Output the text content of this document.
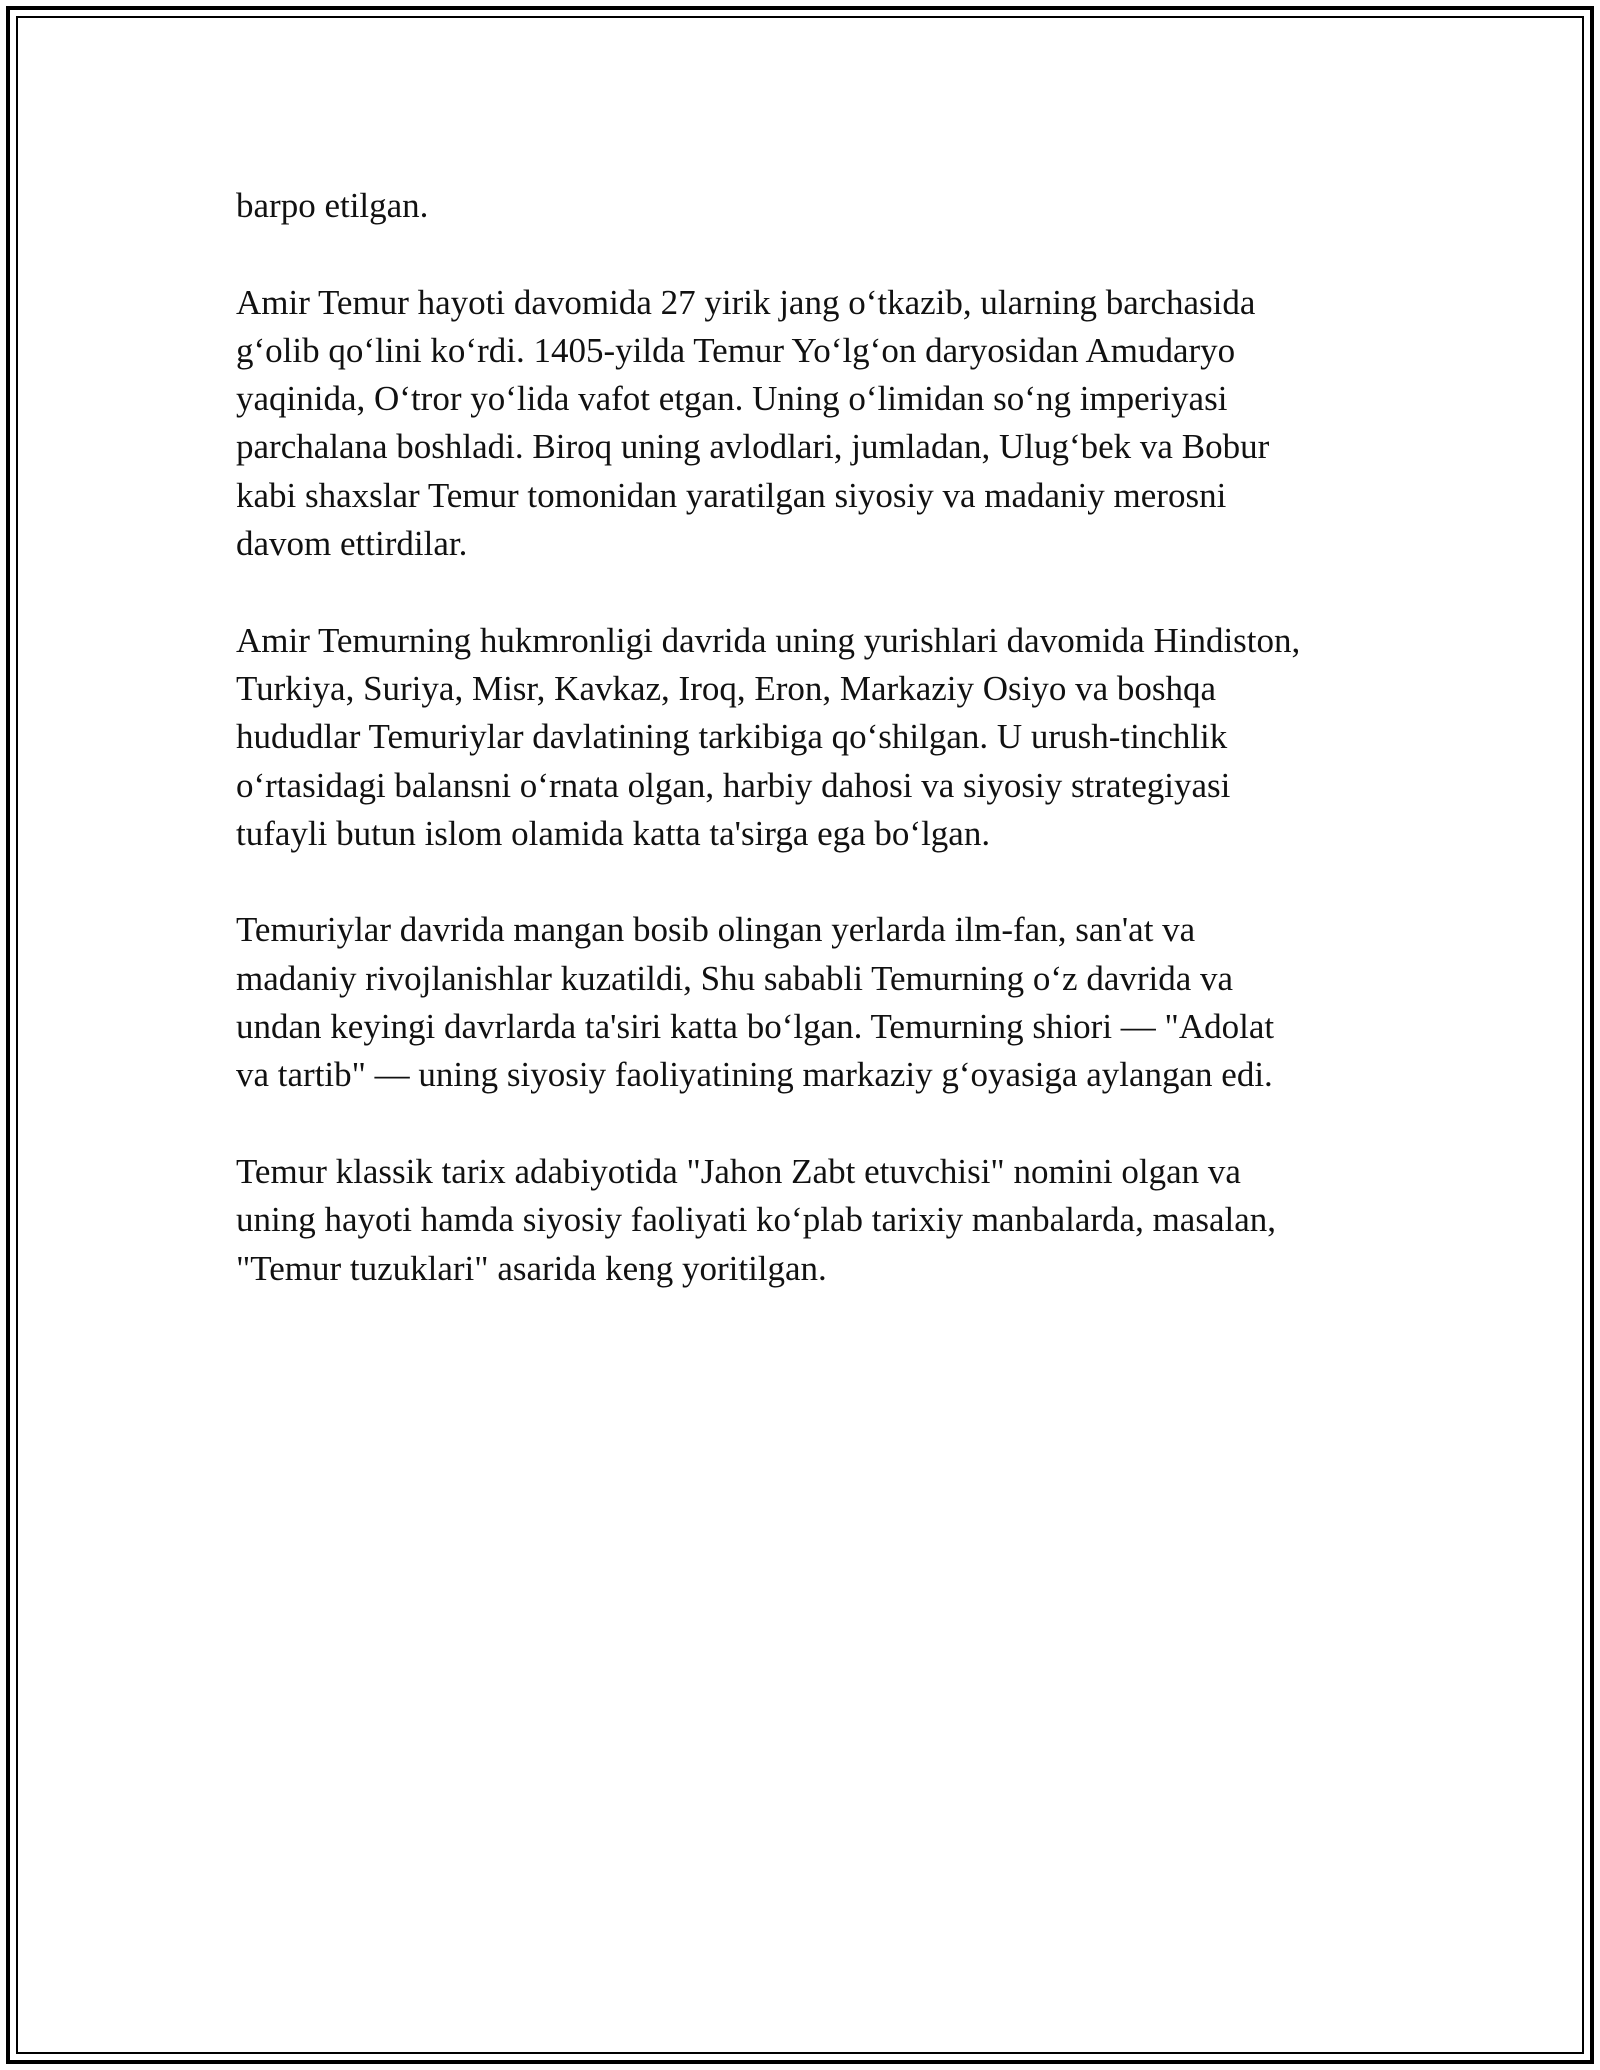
barpo etilgan.

Amir Temur hayoti davomida 27 yirik jang oʻtkazib, ularning barchasida
gʻolib qoʻlini koʻrdi. 1405-yilda Temur Yoʻlgʻon daryosidan Amudaryo
yaqinida, Oʻtror yoʻlida vafot etgan. Uning oʻlimidan soʻng imperiyasi
parchalana boshladi. Biroq uning avlodlari, jumladan, Ulugʻbek va Bobur
kabi shaxslar Temur tomonidan yaratilgan siyosiy va madaniy merosni
davom ettirdilar.

Amir Temurning hukmronligi davrida uning yurishlari davomida Hindiston,
Turkiya, Suriya, Misr, Kavkaz, Iroq, Eron, Markaziy Osiyo va boshqa
hududlar Temuriylar davlatining tarkibiga qoʻshilgan. U urush-tinchlik
oʻrtasidagi balansni oʻrnata olgan, harbiy dahosi va siyosiy strategiyasi
tufayli butun islom olamida katta ta'sirga ega boʻlgan.

Temuriylar davrida mangan bosib olingan yerlarda ilm-fan, san'at va
madaniy rivojlanishlar kuzatildi, Shu sababli Temurning oʻz davrida va
undan keyingi davrlarda ta'siri katta boʻlgan. Temurning shiori — "Adolat
va tartib" — uning siyosiy faoliyatining markaziy gʻoyasiga aylangan edi.

Temur klassik tarix adabiyotida "Jahon Zabt etuvchisi" nomini olgan va
uning hayoti hamda siyosiy faoliyati koʻplab tarixiy manbalarda, masalan,
"Temur tuzuklari" asarida keng yoritilgan.
